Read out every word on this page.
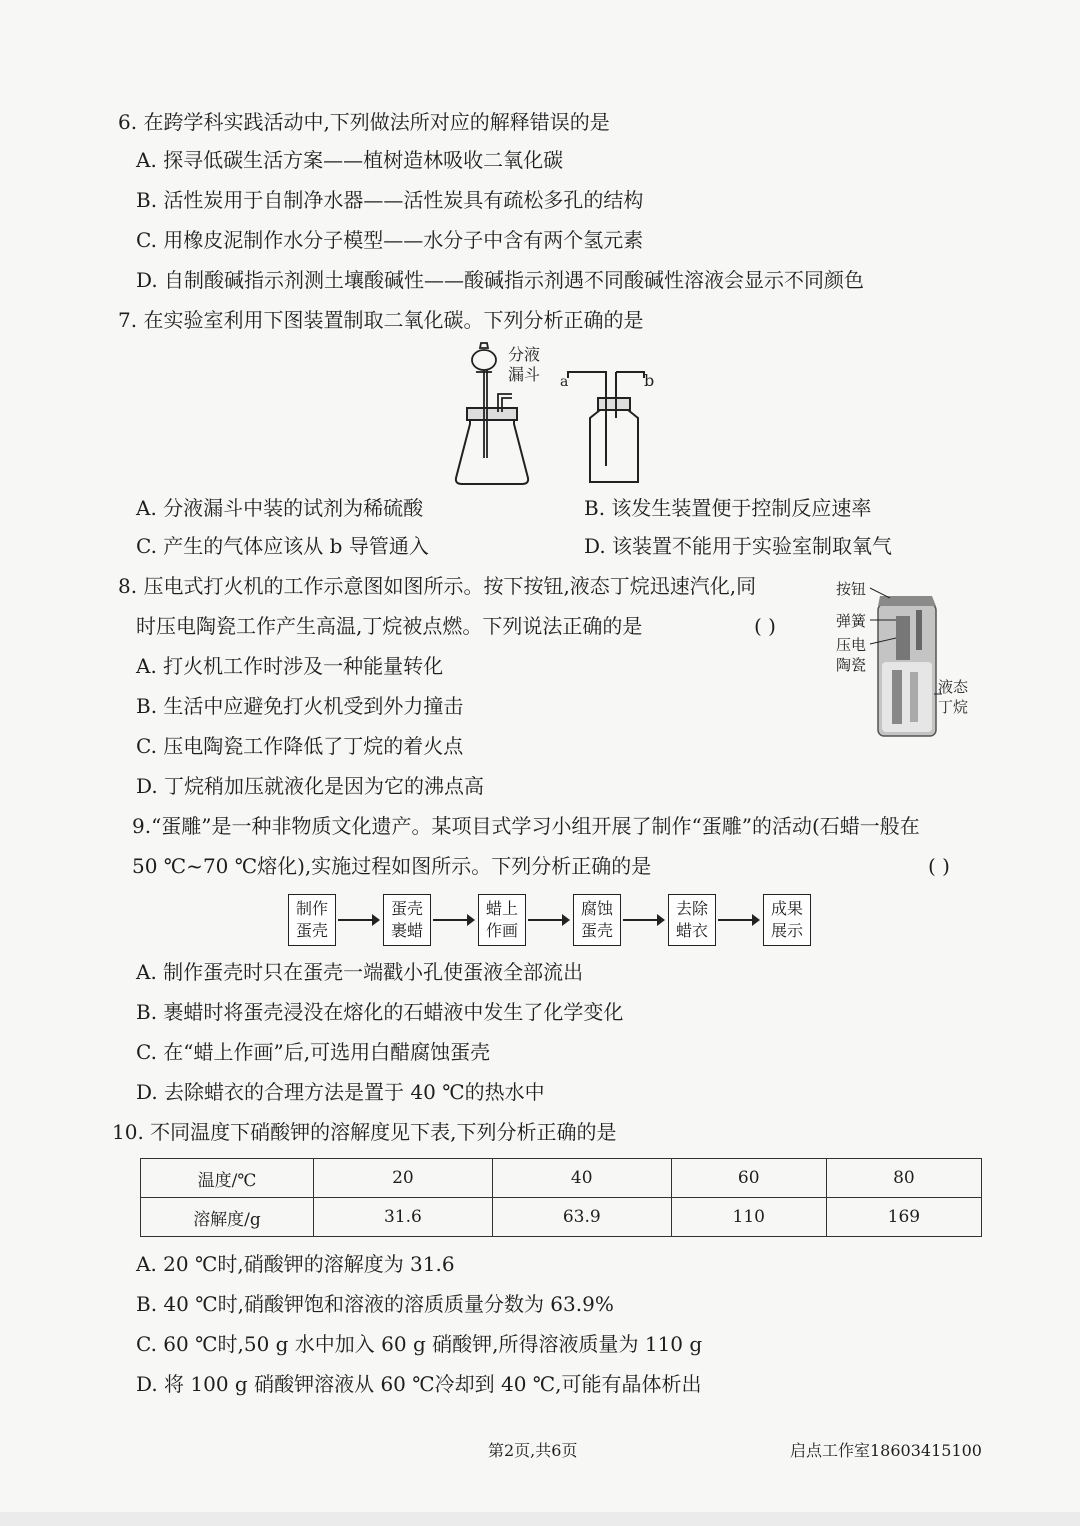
6. 在跨学科实践活动中,下列做法所对应的解释错误的是
A. 探寻低碳生活方案——植树造林吸收二氧化碳
B. 活性炭用于自制净水器——活性炭具有疏松多孔的结构
C. 用橡皮泥制作水分子模型——水分子中含有两个氢元素
D. 自制酸碱指示剂测土壤酸碱性——酸碱指示剂遇不同酸碱性溶液会显示不同颜色
7. 在实验室利用下图装置制取二氧化碳。下列分析正确的是
分液
漏斗 a	b
A. 分液漏斗中装的试剂为稀硫酸	B. 该发生装置便于控制反应速率
C. 产生的气体应该从 b 导管通入	D. 该装置不能用于实验室制取氧气
8. 压电式打火机的工作示意图如图所示。按下按钮,液态丁烷迅速汽化,同
时压电陶瓷工作产生高温,丁烷被点燃。下列说法正确的是	( )
A. 打火机工作时涉及一种能量转化
B. 生活中应避免打火机受到外力撞击
C. 压电陶瓷工作降低了丁烷的着火点
D. 丁烷稍加压就液化是因为它的沸点高
按钮
弹簧
压电
陶瓷
液态
丁烷
9.“蛋雕”是一种非物质文化遗产。某项目式学习小组开展了制作“蛋雕”的活动(石蜡一般在
50 ℃~70 ℃熔化),实施过程如图所示。下列分析正确的是	( )
制作
蛋壳
蛋壳
裹蜡
蜡上
作画
腐蚀
蛋壳
去除
蜡衣
成果
展示
A. 制作蛋壳时只在蛋壳一端戳小孔使蛋液全部流出
B. 裹蜡时将蛋壳浸没在熔化的石蜡液中发生了化学变化
C. 在“蜡上作画”后,可选用白醋腐蚀蛋壳
D. 去除蜡衣的合理方法是置于 40 ℃的热水中
10. 不同温度下硝酸钾的溶解度见下表,下列分析正确的是
温度/℃	20	40	60	80
溶解度/g	31.6	63.9	110	169
A. 20 ℃时,硝酸钾的溶解度为 31.6
B. 40 ℃时,硝酸钾饱和溶液的溶质质量分数为 63.9%
C. 60 ℃时,50 g 水中加入 60 g 硝酸钾,所得溶液质量为 110 g
D. 将 100 g 硝酸钾溶液从 60 ℃冷却到 40 ℃,可能有晶体析出
第2页,共6页	启点工作室18603415100
